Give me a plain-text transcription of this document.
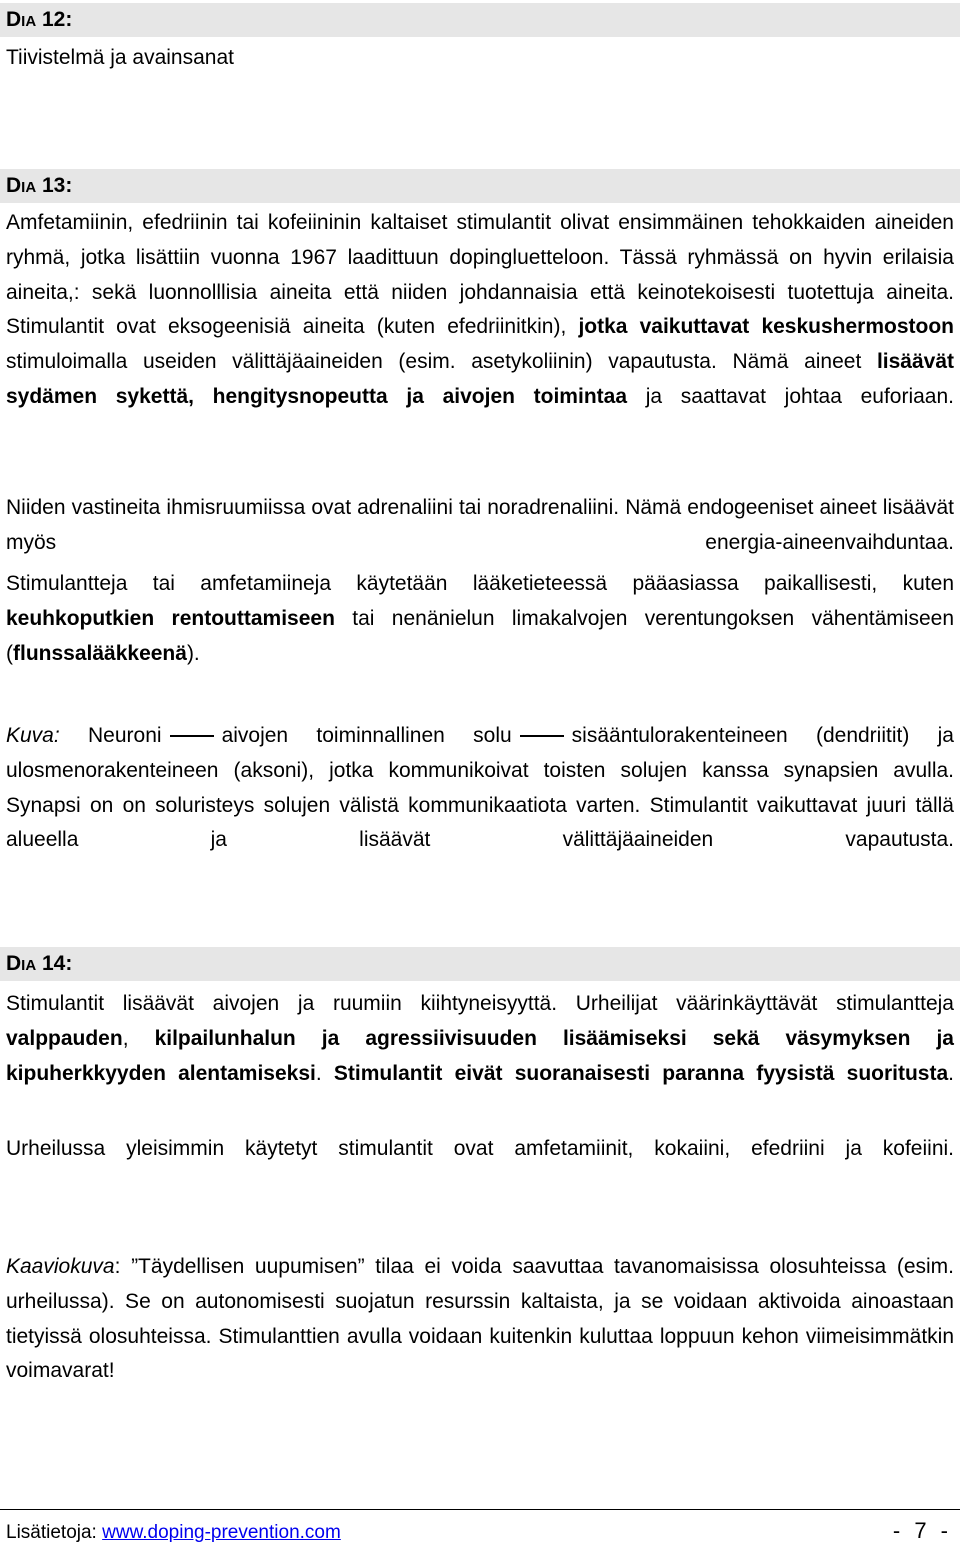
DIA 12:

Tiivistelmä ja avainsanat

DIA 13:

Amfetamiinin, efedriinin tai kofeiininin kaltaiset stimulantit olivat ensimmäinen tehokkaiden aineiden ryhmä, jotka lisättiin vuonna 1967 laadittuun dopingluetteloon. Tässä ryhmässä on hyvin erilaisia aineita,: sekä luonnolllisia aineita että niiden johdannaisia että keinotekoisesti tuotettuja aineita. Stimulantit ovat eksogeenisiä aineita (kuten efedriinitkin), jotka vaikuttavat keskushermostoon stimuloimalla useiden välittäjäaineiden (esim. asetykoliinin) vapautusta. Nämä aineet lisäävät sydämen sykettä, hengitysnopeutta ja aivojen toimintaa ja saattavat johtaa euforiaan.

Niiden vastineita ihmisruumiissa ovat adrenaliini tai noradrenaliini. Nämä endogeeniset aineet lisäävät myös energia-aineenvaihduntaa.

Stimulantteja tai amfetamiineja käytetään lääketieteessä pääasiassa paikallisesti, kuten keuhkoputkien rentouttamiseen tai nenänielun limakalvojen verentungoksen vähentämiseen (flunssalääkkeenä).

Kuva: Neuroni	aivojen toiminnallinen solu	sisääntulorakenteineen (dendriitit) ja ulosmenorakenteineen (aksoni), jotka kommunikoivat toisten solujen kanssa synapsien avulla. Synapsi on on soluristeys solujen välistä kommunikaatiota varten. Stimulantit vaikuttavat juuri tällä alueella ja lisäävät välittäjäaineiden vapautusta.

DIA 14:

Stimulantit lisäävät aivojen ja ruumiin kiihtyneisyyttä. Urheilijat väärinkäyttävät stimulantteja valppauden, kilpailunhalun ja agressiivisuuden lisäämiseksi sekä väsymyksen ja kipuherkkyyden alentamiseksi. Stimulantit eivät suoranaisesti paranna fyysistä suoritusta.

Urheilussa yleisimmin käytetyt stimulantit ovat amfetamiinit, kokaiini, efedriini ja kofeiini.

Kaaviokuva: ”Täydellisen uupumisen” tilaa ei voida saavuttaa tavanomaisissa olosuhteissa (esim. urheilussa). Se on autonomisesti suojatun resurssin kaltaista, ja se voidaan aktivoida ainoastaan tietyissä olosuhteissa. Stimulanttien avulla voidaan kuitenkin kuluttaa loppuun kehon viimeisimmätkin voimavarat!

Lisätietoja: www.doping-prevention.com	- 7 -
